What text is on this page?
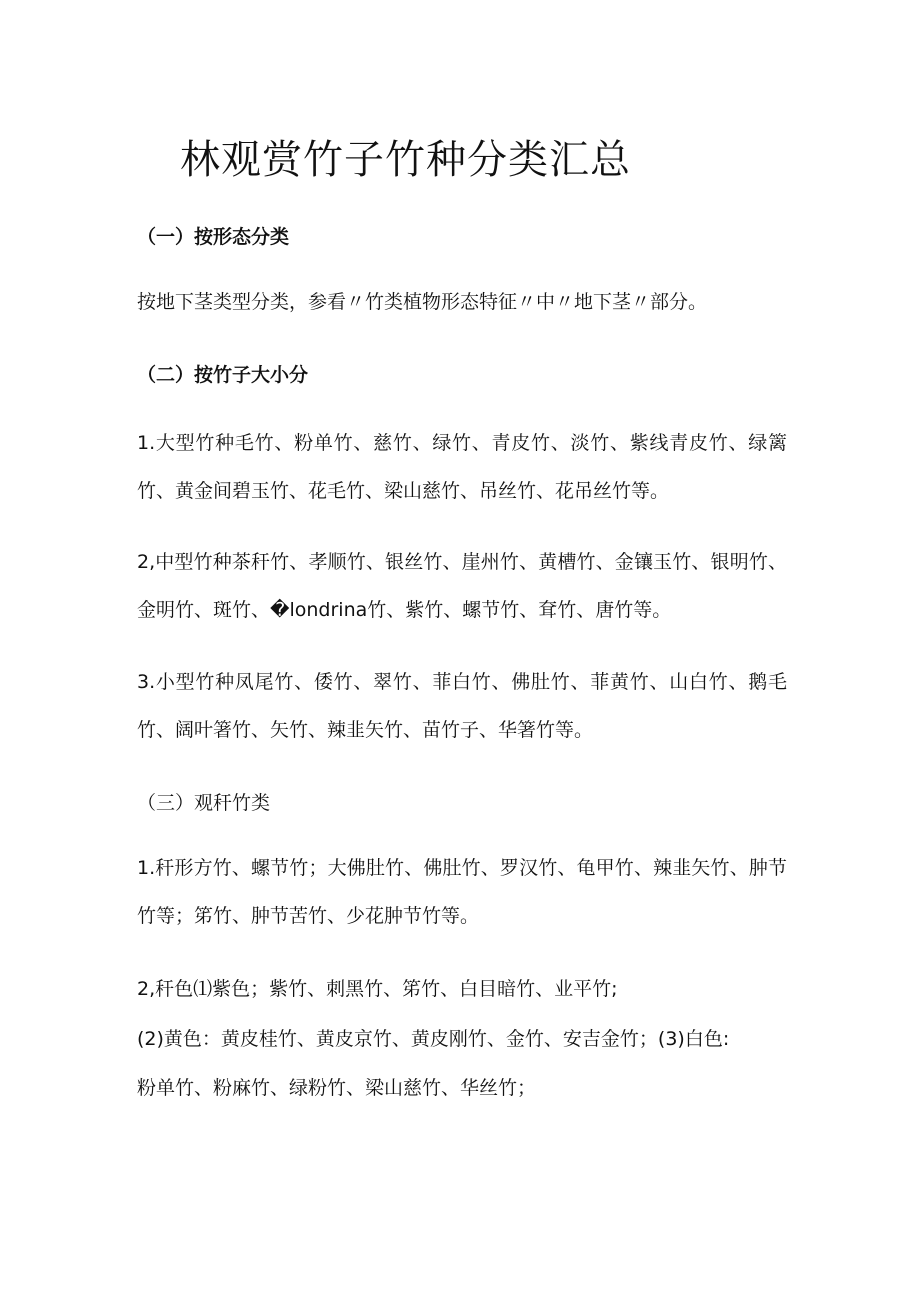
林观赏竹子竹种分类汇总
（一）按形态分类

按地下茎类型分类，参看〃竹类植物形态特征〃中〃地下茎〃部分。

（二）按竹子大小分

1.大型竹种毛竹、粉单竹、慈竹、绿竹、青皮竹、淡竹、紫线青皮竹、绿篱竹、黄金间碧玉竹、花毛竹、梁山慈竹、吊丝竹、花吊丝竹等。

2,中型竹种茶秆竹、孝顺竹、银丝竹、崖州竹、黄槽竹、金镶玉竹、银明竹、金明竹、斑竹、�londrina竹、紫竹、螺节竹、耷竹、唐竹等。

3.小型竹种凤尾竹、倭竹、翠竹、菲白竹、佛肚竹、菲黄竹、山白竹、鹅毛竹、阔叶箸竹、矢竹、辣韭矢竹、苗竹子、华箸竹等。

（三）观秆竹类

1.秆形方竹、螺节竹；大佛肚竹、佛肚竹、罗汉竹、龟甲竹、辣韭矢竹、肿节竹等；笫竹、肿节苦竹、少花肿节竹等。

2,秆色⑴紫色；紫竹、刺黑竹、笫竹、白目暗竹、业平竹;

(2)黄色：黄皮桂竹、黄皮京竹、黄皮刚竹、金竹、安吉金竹；(3)白色:

粉单竹、粉麻竹、绿粉竹、梁山慈竹、华丝竹；
